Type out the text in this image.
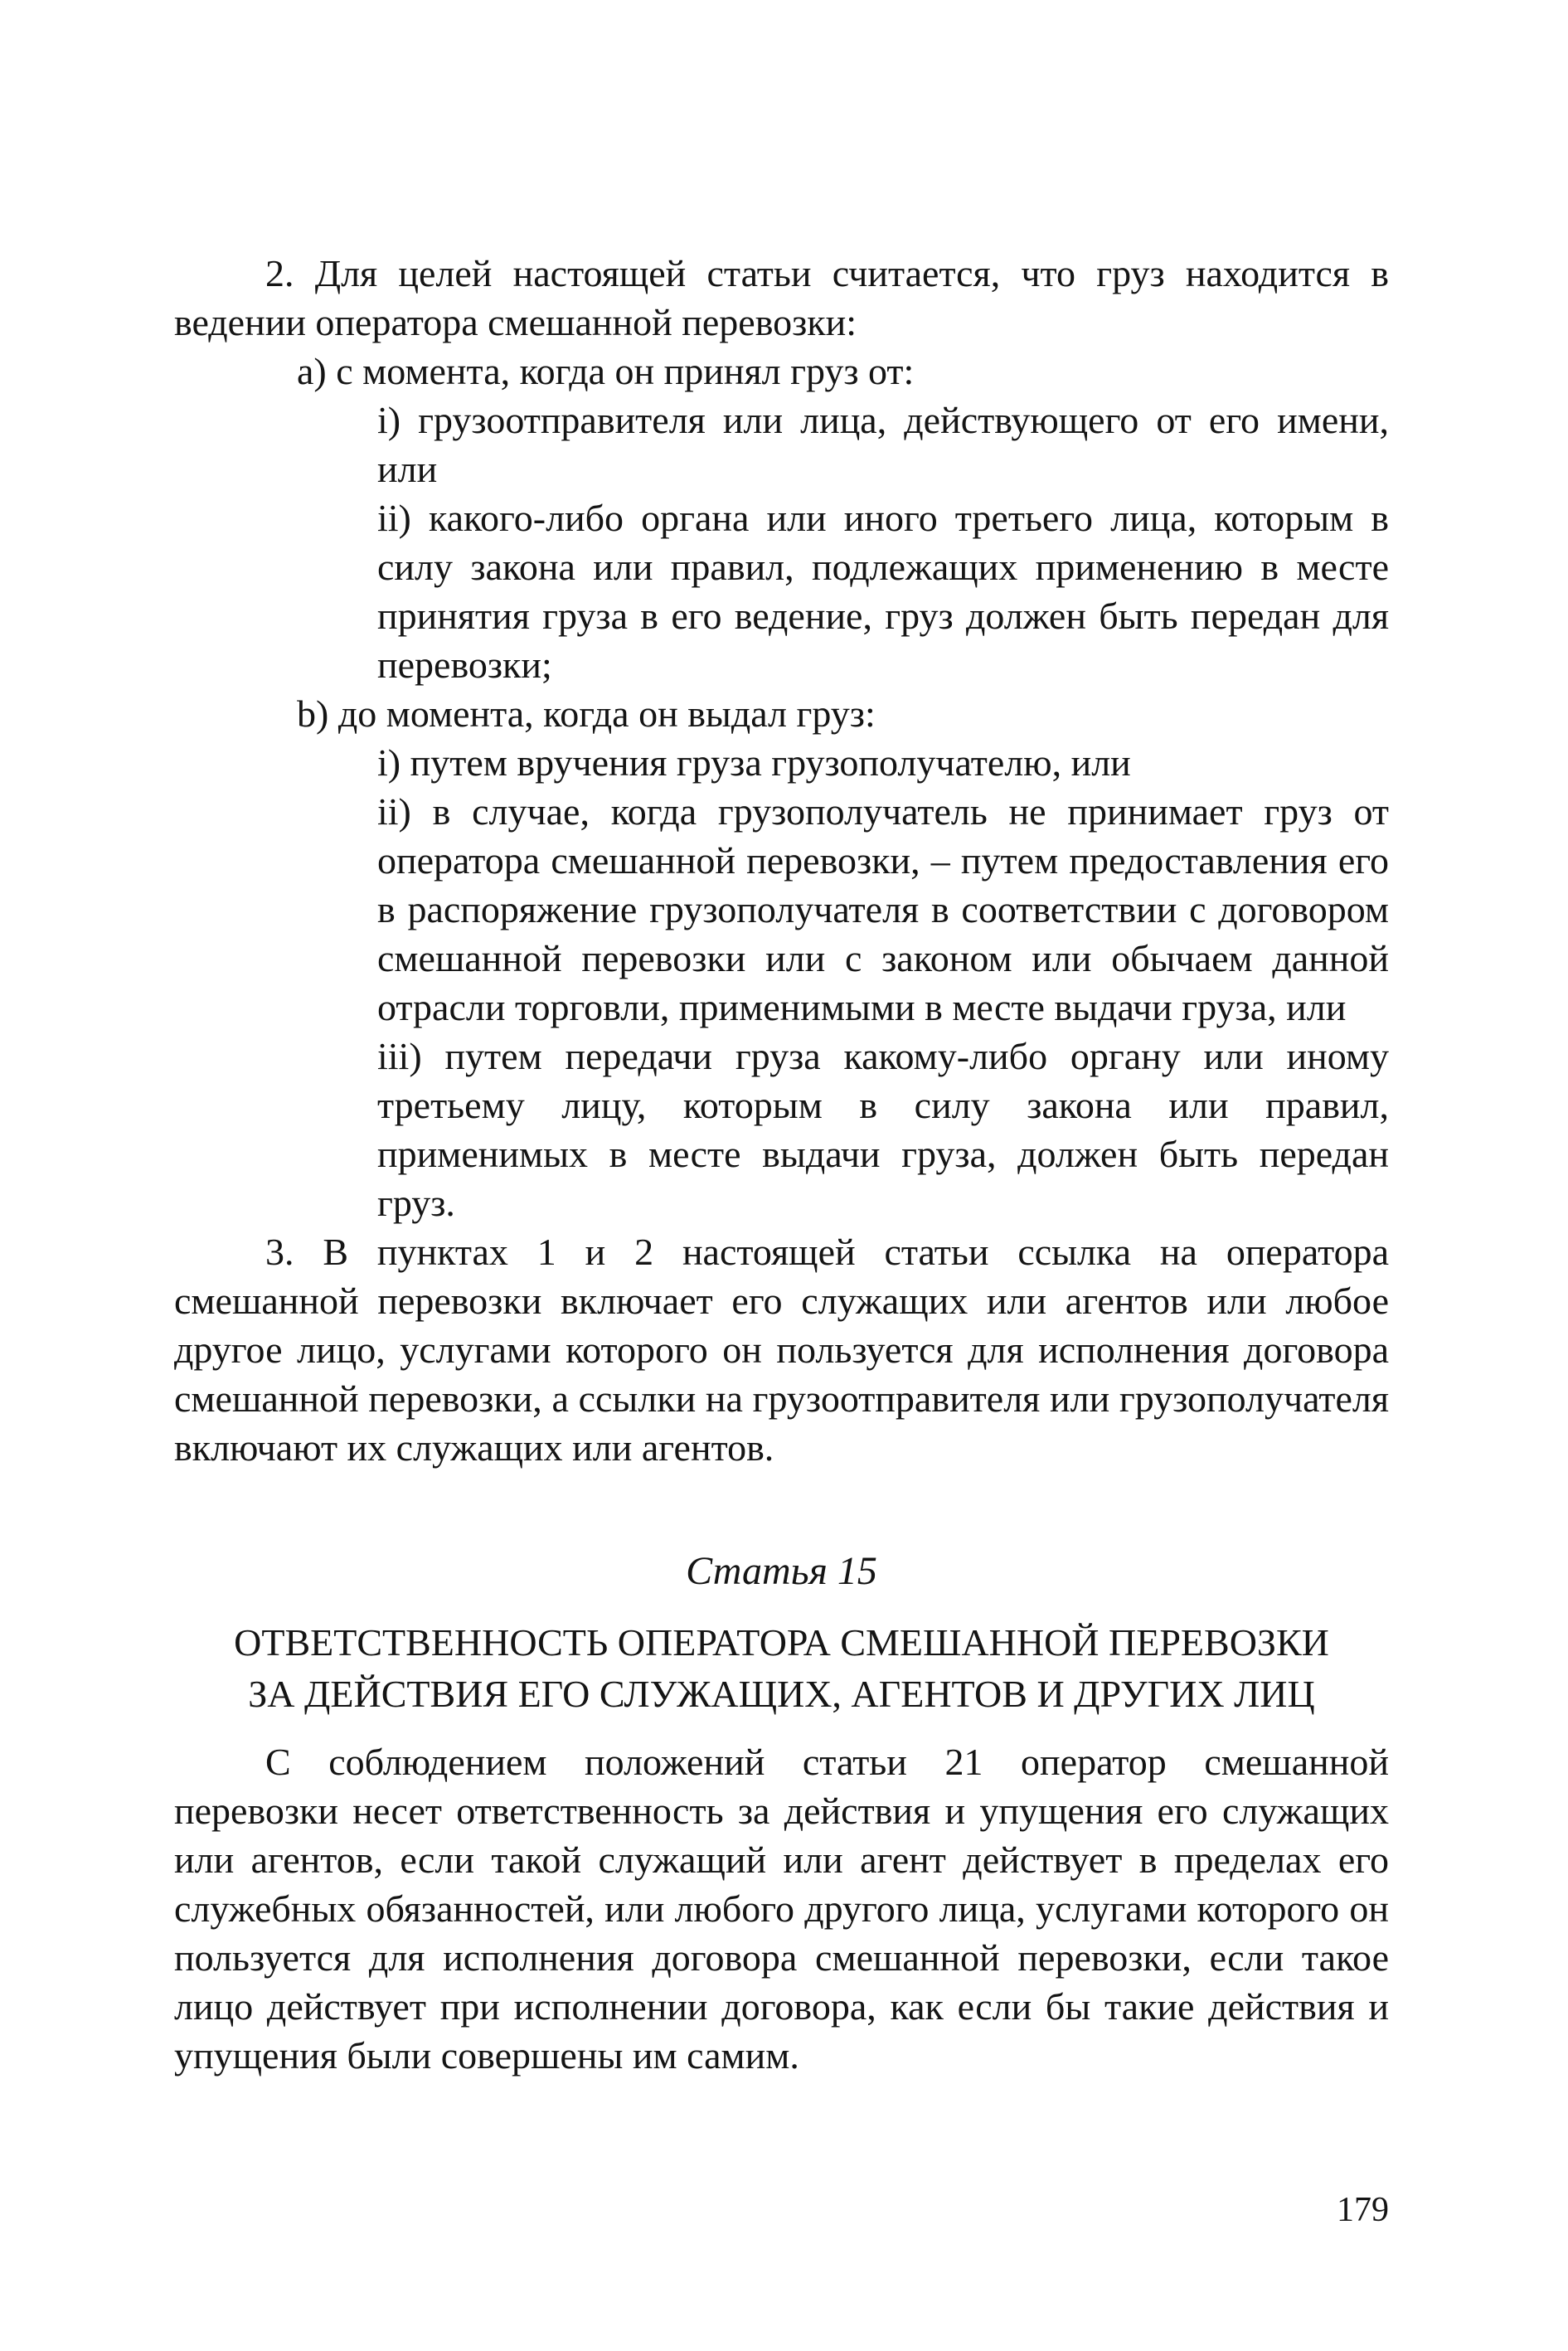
2. Для целей настоящей статьи считается, что груз находится в ведении оператора смешанной перевозки:

a) с момента, когда он принял груз от:

i) грузоотправителя или лица, действующего от его имени, или

ii) какого-либо органа или иного третьего лица, которым в силу закона или правил, подлежащих применению в месте принятия груза в его ведение, груз должен быть передан для перевозки;

b) до момента, когда он выдал груз:

i) путем вручения груза грузополучателю, или

ii) в случае, когда грузополучатель не принимает груз от оператора смешанной перевозки, – путем предоставления его в распоряжение грузополучателя в соответствии с договором смешанной перевозки или с законом или обычаем данной отрасли торговли, применимыми в месте выдачи груза, или

iii) путем передачи груза какому-либо органу или иному третьему лицу, которым в силу закона или правил, применимых в месте выдачи груза, должен быть передан груз.

3. В пунктах 1 и 2 настоящей статьи ссылка на оператора смешанной перевозки включает его служащих или агентов или любое другое лицо, услугами которого он пользуется для исполнения договора смешанной перевозки, а ссылки на грузоотправителя или грузополучателя включают их служащих или агентов.

Статья 15
ОТВЕТСТВЕННОСТЬ ОПЕРАТОРА СМЕШАННОЙ ПЕРЕВОЗКИ
ЗА ДЕЙСТВИЯ ЕГО СЛУЖАЩИХ, АГЕНТОВ И ДРУГИХ ЛИЦ

С соблюдением положений статьи 21 оператор смешанной перевозки несет ответственность за действия и упущения его служащих или агентов, если такой служащий или агент действует в пределах его служебных обязанностей, или любого другого лица, услугами которого он пользуется для исполнения договора смешанной перевозки, если такое лицо действует при исполнении договора, как если бы такие действия и упущения были совершены им самим.

179
